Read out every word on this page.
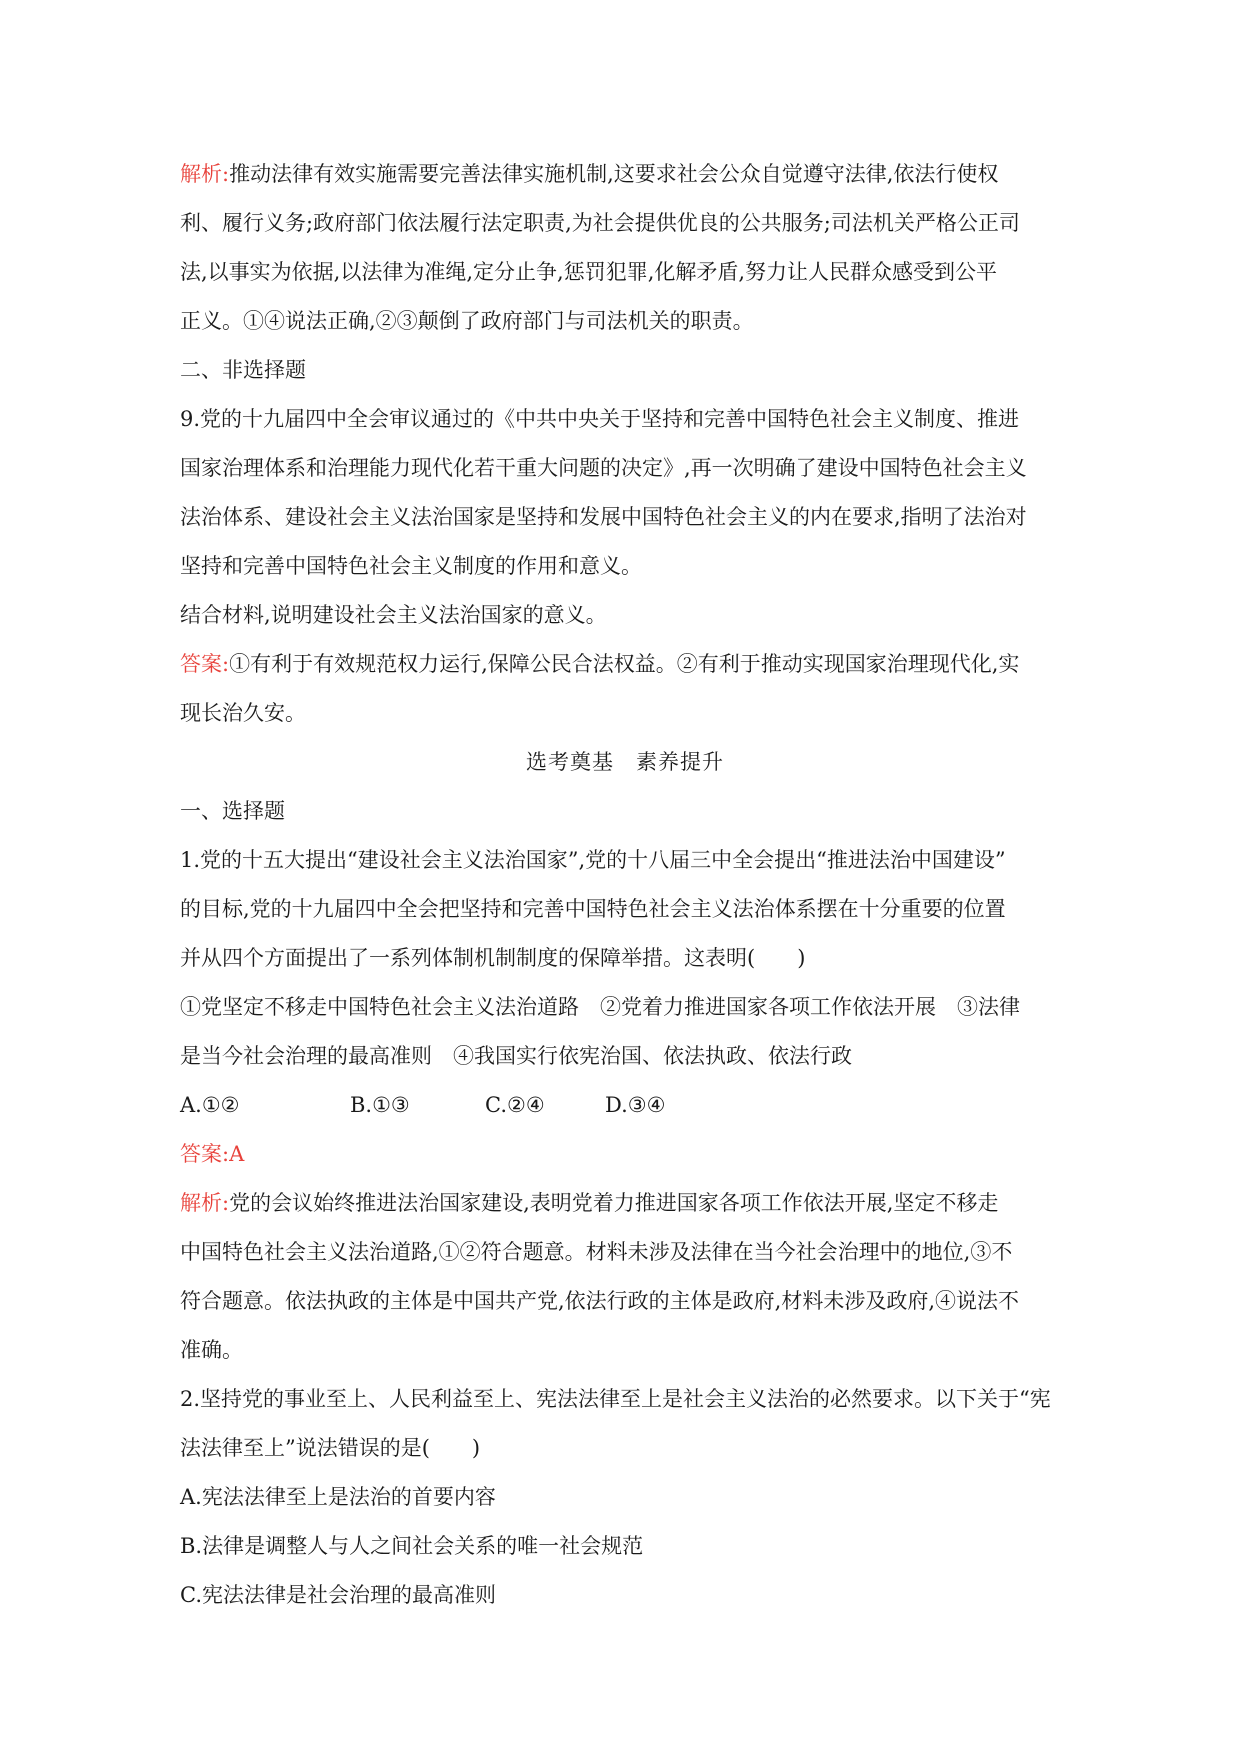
解析:推动法律有效实施需要完善法律实施机制,这要求社会公众自觉遵守法律,依法行使权

利、履行义务;政府部门依法履行法定职责,为社会提供优良的公共服务;司法机关严格公正司

法,以事实为依据,以法律为准绳,定分止争,惩罚犯罪,化解矛盾,努力让人民群众感受到公平

正义。①④说法正确,②③颠倒了政府部门与司法机关的职责。

二、非选择题

9.党的十九届四中全会审议通过的《中共中央关于坚持和完善中国特色社会主义制度、推进

国家治理体系和治理能力现代化若干重大问题的决定》,再一次明确了建设中国特色社会主义

法治体系、建设社会主义法治国家是坚持和发展中国特色社会主义的内在要求,指明了法治对

坚持和完善中国特色社会主义制度的作用和意义。

结合材料,说明建设社会主义法治国家的意义。

答案:①有利于有效规范权力运行,保障公民合法权益。②有利于推动实现国家治理现代化,实

现长治久安。

选考奠基　素养提升

一、选择题

1.党的十五大提出“建设社会主义法治国家”,党的十八届三中全会提出“推进法治中国建设”

的目标,党的十九届四中全会把坚持和完善中国特色社会主义法治体系摆在十分重要的位置

并从四个方面提出了一系列体制机制制度的保障举措。这表明(　　)

①党坚定不移走中国特色社会主义法治道路　②党着力推进国家各项工作依法开展　③法律

是当今社会治理的最高准则　④我国实行依宪治国、依法执政、依法行政

A.①②	B.①③	C.②④	D.③④

答案:A

解析:党的会议始终推进法治国家建设,表明党着力推进国家各项工作依法开展,坚定不移走

中国特色社会主义法治道路,①②符合题意。材料未涉及法律在当今社会治理中的地位,③不

符合题意。依法执政的主体是中国共产党,依法行政的主体是政府,材料未涉及政府,④说法不

准确。

2.坚持党的事业至上、人民利益至上、宪法法律至上是社会主义法治的必然要求。以下关于“宪

法法律至上”说法错误的是(　　)

A.宪法法律至上是法治的首要内容

B.法律是调整人与人之间社会关系的唯一社会规范

C.宪法法律是社会治理的最高准则
